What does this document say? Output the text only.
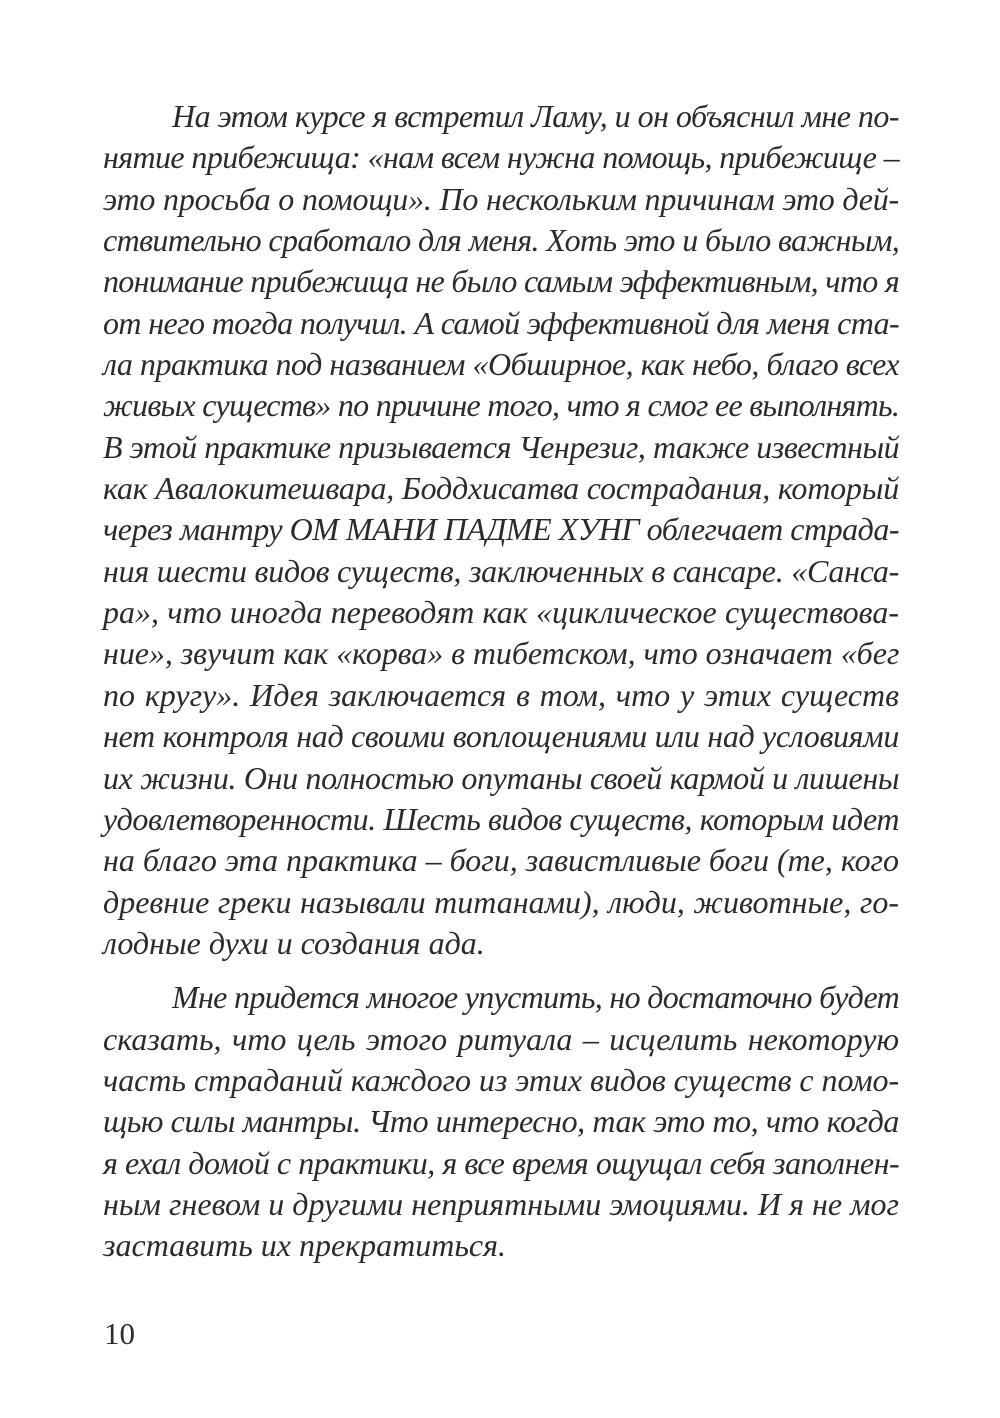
На этом курсе я встретил Ламу, и он объяснил мне по-
нятие прибежища: «нам всем нужна помощь, прибежище –
это просьба о помощи». По нескольким причинам это дей-
ствительно сработало для меня. Хоть это и было важным,
понимание прибежища не было самым эффективным, что я
от него тогда получил. А самой эффективной для меня ста-
ла практика под названием «Обширное, как небо, благо всех
живых существ» по причине того, что я смог ее выполнять.
В этой практике призывается Ченрезиг, также известный
как Авалокитешвара, Боддхисатва сострадания, который
через мантру ОМ МАНИ ПАДМЕ ХУНГ облегчает страда-
ния шести видов существ, заключенных в сансаре. «Санса-
ра», что иногда переводят как «циклическое существова-
ние», звучит как «корва» в тибетском, что означает «бег
по кругу». Идея заключается в том, что у этих существ
нет контроля над своими воплощениями или над условиями
их жизни. Они полностью опутаны своей кармой и лишены
удовлетворенности. Шесть видов существ, которым идет
на благо эта практика – боги, завистливые боги (те, кого
древние греки называли титанами), люди, животные, го-
лодные духи и создания ада.

Мне придется многое упустить, но достаточно будет
сказать, что цель этого ритуала – исцелить некоторую
часть страданий каждого из этих видов существ с помо-
щью силы мантры. Что интересно, так это то, что когда
я ехал домой с практики, я все время ощущал себя заполнен-
ным гневом и другими неприятными эмоциями. И я не мог
заставить их прекратиться.

10
